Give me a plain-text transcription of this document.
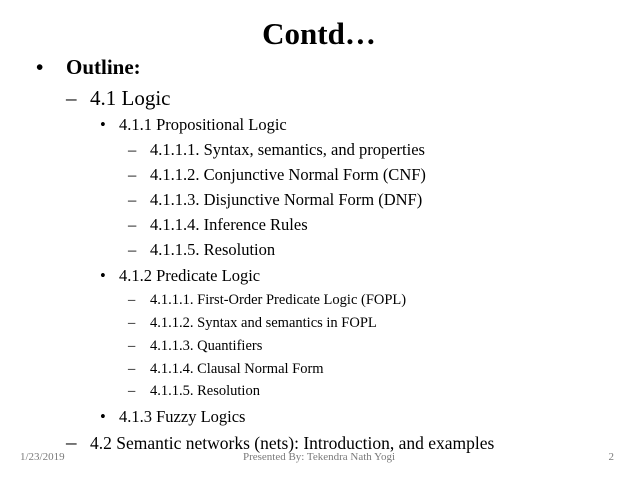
Contd…
•	Outline:
– 4.1 Logic
• 4.1.1 Propositional Logic
– 4.1.1.1. Syntax, semantics, and properties
– 4.1.1.2. Conjunctive Normal Form (CNF)
– 4.1.1.3. Disjunctive Normal Form (DNF)
– 4.1.1.4. Inference Rules
– 4.1.1.5. Resolution
• 4.1.2 Predicate Logic
–	4.1.1.1. First-Order Predicate Logic (FOPL)
–	4.1.1.2. Syntax and semantics in FOPL
–	4.1.1.3. Quantifiers
–	4.1.1.4. Clausal Normal Form
–	4.1.1.5. Resolution
• 4.1.3 Fuzzy Logics
– 4.2 Semantic networks (nets): Introduction, and examples
1/23/2019	Presented By: Tekendra Nath Yogi	2
